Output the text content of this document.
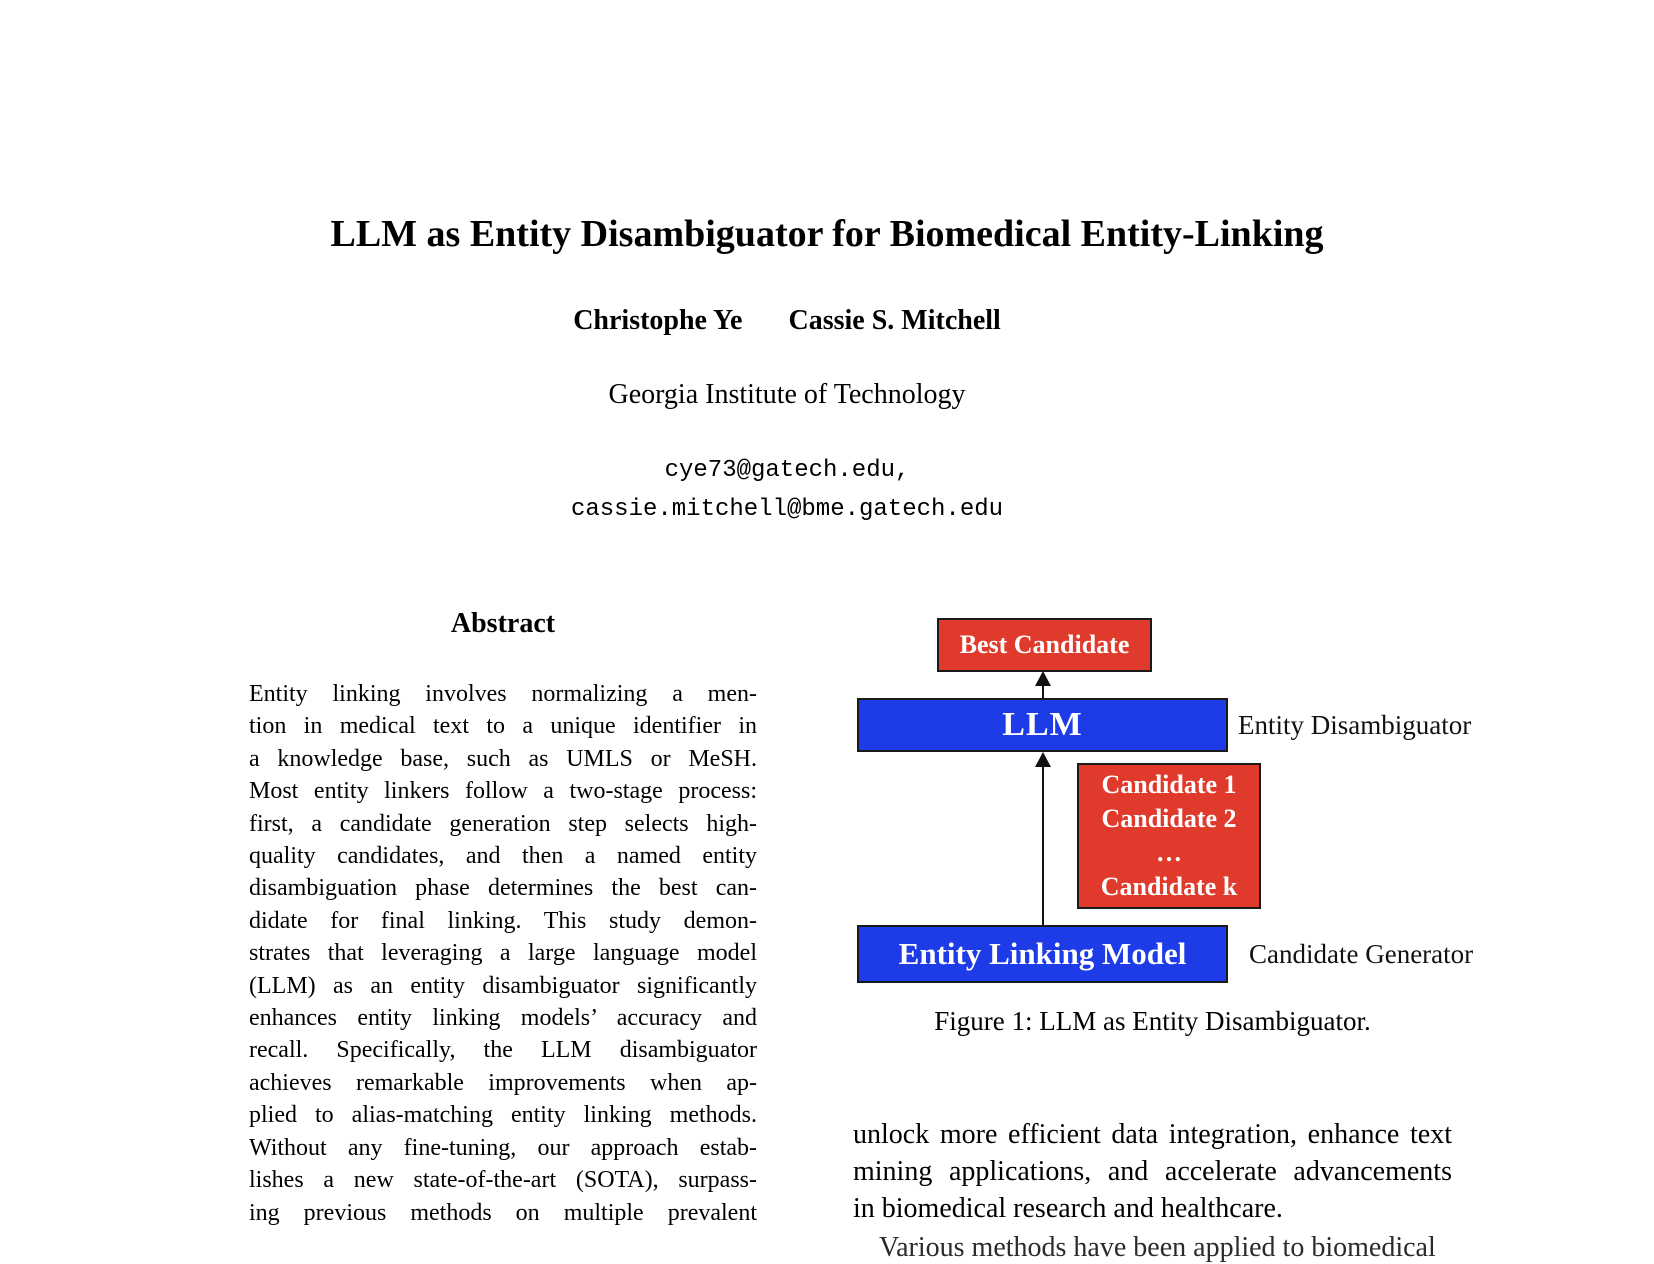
LLM as Entity Disambiguator for Biomedical Entity-Linking
Christophe Ye Cassie S. Mitchell
Georgia Institute of Technology
cye73@gatech.edu,
cassie.mitchell@bme.gatech.edu
Abstract
Entity linking involves normalizing a men-
tion in medical text to a unique identifier in
a knowledge base, such as UMLS or MeSH.
Most entity linkers follow a two-stage process:
first, a candidate generation step selects high-
quality candidates, and then a named entity
disambiguation phase determines the best can-
didate for final linking. This study demon-
strates that leveraging a large language model
(LLM) as an entity disambiguator significantly
enhances entity linking models’ accuracy and
recall. Specifically, the LLM disambiguator
achieves remarkable improvements when ap-
plied to alias-matching entity linking methods.
Without any fine-tuning, our approach estab-
lishes a new state-of-the-art (SOTA), surpass-
ing previous methods on multiple prevalent
Best Candidate
LLM	Entity Disambiguator
Candidate 1
Candidate 2
…
Candidate k
Entity Linking Model Candidate Generator
Figure 1: LLM as Entity Disambiguator.
unlock more efficient data integration, enhance text
mining applications, and accelerate advancements
in biomedical research and healthcare.
Various methods have been applied to biomedical
